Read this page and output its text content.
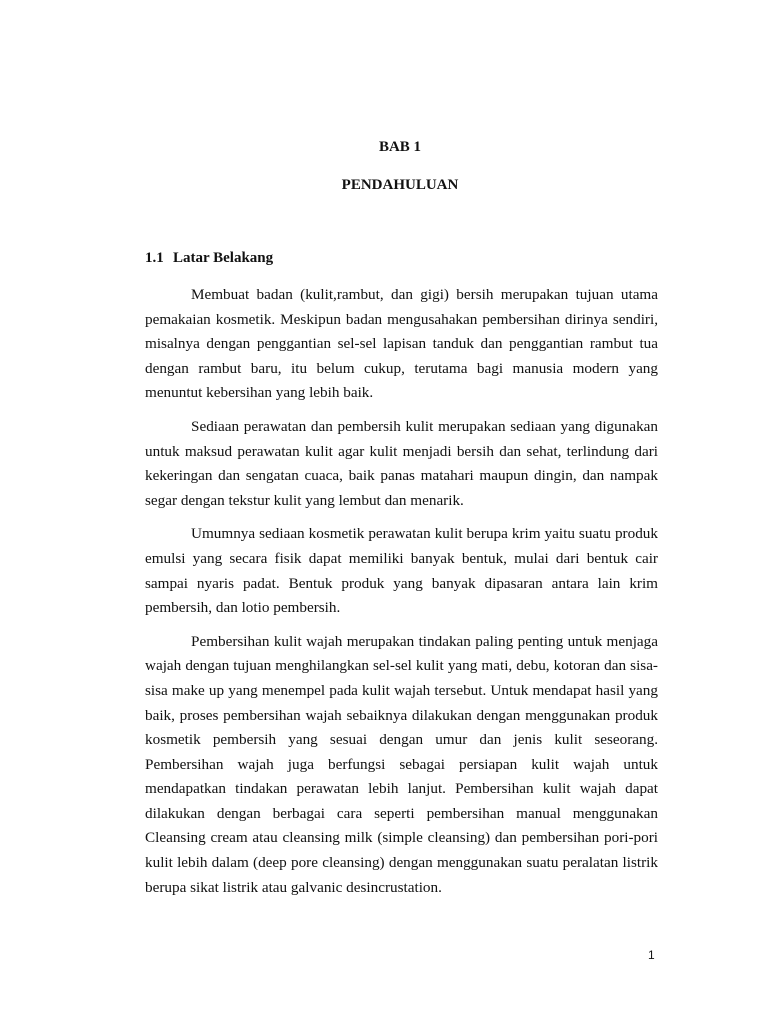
BAB 1
PENDAHULUAN
1.1 Latar Belakang

Membuat badan (kulit,rambut, dan gigi) bersih merupakan tujuan utama pemakaian kosmetik. Meskipun badan mengusahakan pembersihan dirinya sendiri, misalnya dengan penggantian sel-sel lapisan tanduk dan penggantian rambut tua dengan rambut baru, itu belum cukup, terutama bagi manusia modern yang menuntut kebersihan yang lebih baik.

Sediaan perawatan dan pembersih kulit merupakan sediaan yang digunakan untuk maksud perawatan kulit agar kulit menjadi bersih dan sehat, terlindung dari kekeringan dan sengatan cuaca, baik panas matahari maupun dingin, dan nampak segar dengan tekstur kulit yang lembut dan menarik.

Umumnya sediaan kosmetik perawatan kulit berupa krim yaitu suatu produk emulsi yang secara fisik dapat memiliki banyak bentuk, mulai dari bentuk cair sampai nyaris padat. Bentuk produk yang banyak dipasaran antara lain krim pembersih, dan lotio pembersih.

Pembersihan kulit wajah merupakan tindakan paling penting untuk menjaga wajah dengan tujuan menghilangkan sel-sel kulit yang mati, debu, kotoran dan sisa-sisa make up yang menempel pada kulit wajah tersebut. Untuk mendapat hasil yang baik, proses pembersihan wajah sebaiknya dilakukan dengan menggunakan produk kosmetik pembersih yang sesuai dengan umur dan jenis kulit seseorang. Pembersihan wajah juga berfungsi sebagai persiapan kulit wajah untuk mendapatkan tindakan perawatan lebih lanjut. Pembersihan kulit wajah dapat dilakukan dengan berbagai cara seperti pembersihan manual menggunakan Cleansing cream atau cleansing milk (simple cleansing) dan pembersihan pori-pori kulit lebih dalam (deep pore cleansing) dengan menggunakan suatu peralatan listrik berupa sikat listrik atau galvanic desincrustation.

1
